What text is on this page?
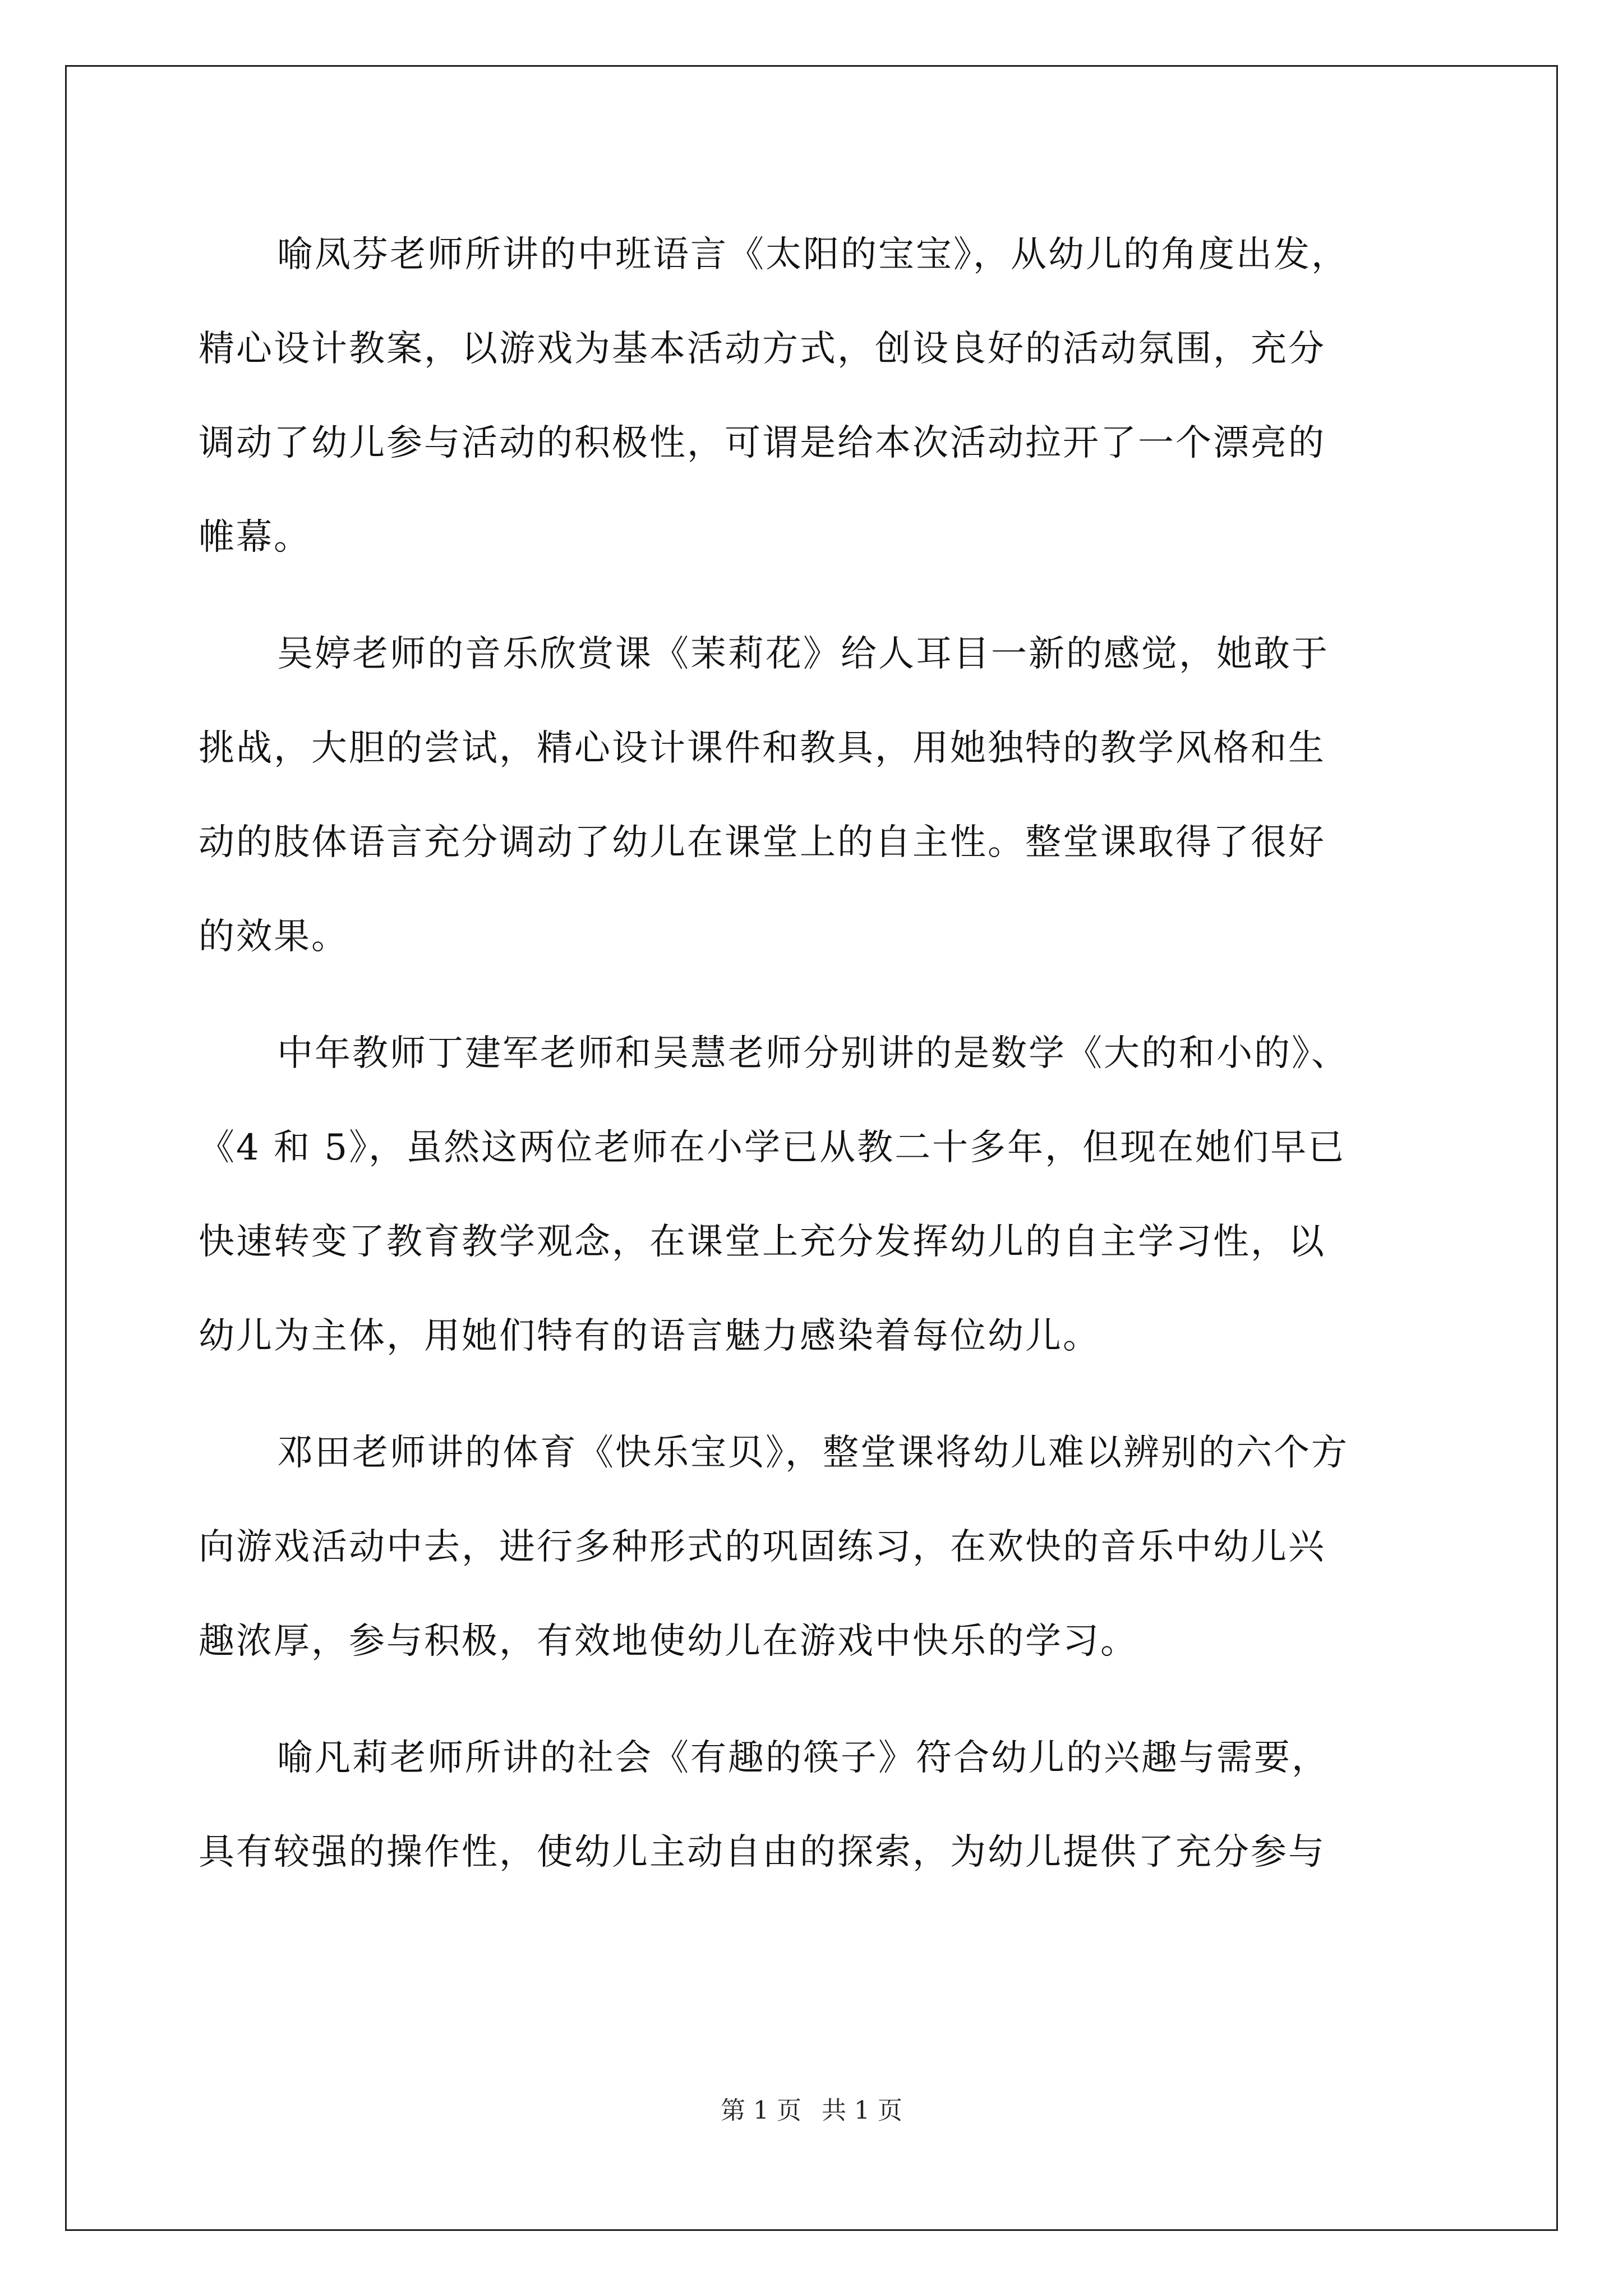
喻凤芬老师所讲的中班语言《太阳的宝宝》，从幼儿的角度出发，
精心设计教案，以游戏为基本活动方式，创设良好的活动氛围，充分
调动了幼儿参与活动的积极性，可谓是给本次活动拉开了一个漂亮的
帷幕。
吴婷老师的音乐欣赏课《茉莉花》给人耳目一新的感觉，她敢于
挑战，大胆的尝试，精心设计课件和教具，用她独特的教学风格和生
动的肢体语言充分调动了幼儿在课堂上的自主性。整堂课取得了很好
的效果。
中年教师丁建军老师和吴慧老师分别讲的是数学《大的和小的》、
《4 和 5》，虽然这两位老师在小学已从教二十多年，但现在她们早已
快速转变了教育教学观念，在课堂上充分发挥幼儿的自主学习性，以
幼儿为主体，用她们特有的语言魅力感染着每位幼儿。
邓田老师讲的体育《快乐宝贝》，整堂课将幼儿难以辨别的六个方
向游戏活动中去，进行多种形式的巩固练习，在欢快的音乐中幼儿兴
趣浓厚，参与积极，有效地使幼儿在游戏中快乐的学习。
喻凡莉老师所讲的社会《有趣的筷子》符合幼儿的兴趣与需要，
具有较强的操作性，使幼儿主动自由的探索，为幼儿提供了充分参与
第 1 页 共 1 页
